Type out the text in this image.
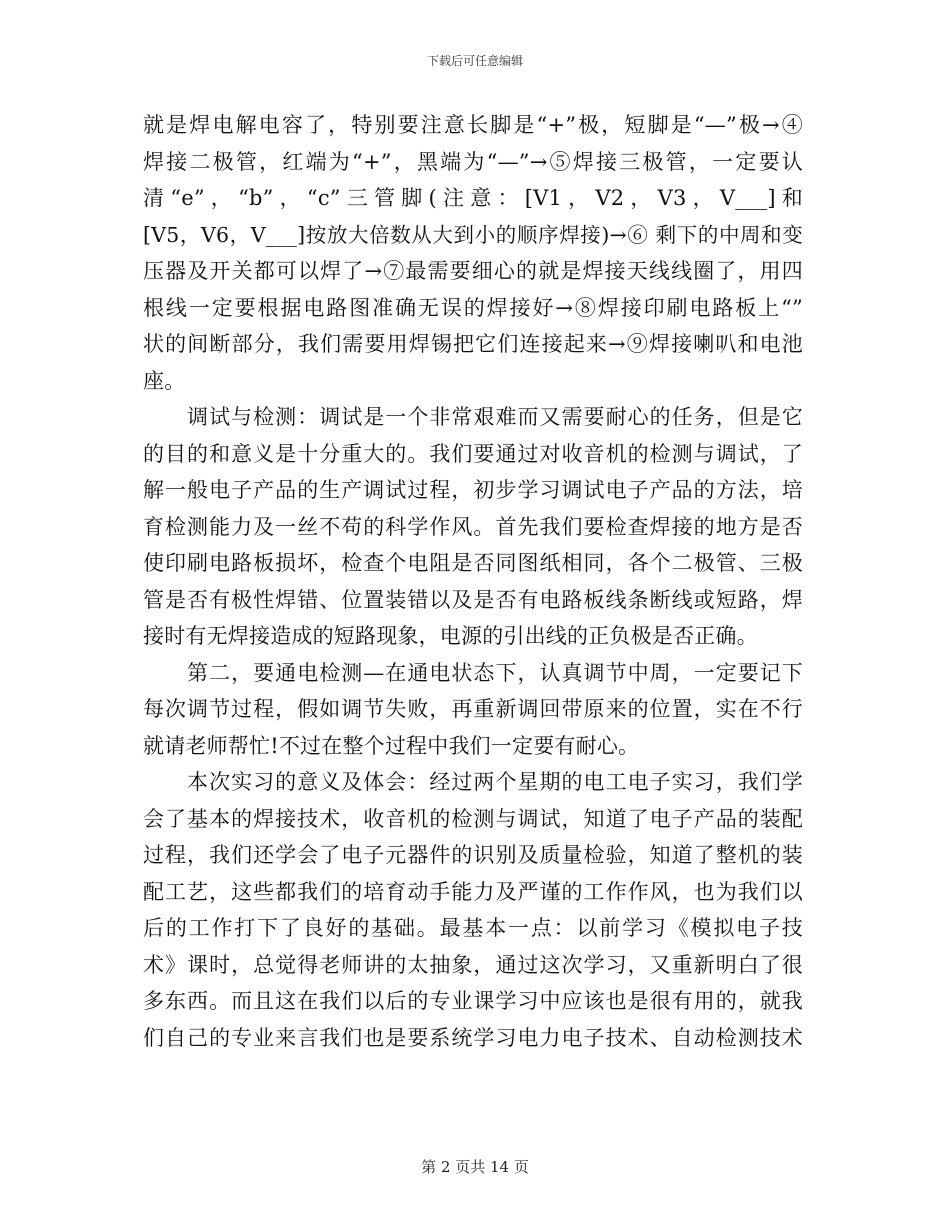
下载后可任意编辑
就是焊电解电容了，特别要注意长脚是“+”极，短脚是“—”极→④
焊接二极管，红端为“+”，黑端为“—”→⑤焊接三极管，一定要认
清“e”，“b”，“c”三管脚(注意：[V1，V2，V3，V___]和
[V5，V6，V___]按放大倍数从大到小的顺序焊接)→⑥ 剩下的中周和变
压器及开关都可以焊了→⑦最需要细心的就是焊接天线线圈了，用四
根线一定要根据电路图准确无误的焊接好→⑧焊接印刷电路板上“”
状的间断部分，我们需要用焊锡把它们连接起来→⑨焊接喇叭和电池
座。
　　调试与检测：调试是一个非常艰难而又需要耐心的任务，但是它
的目的和意义是十分重大的。我们要通过对收音机的检测与调试，了
解一般电子产品的生产调试过程，初步学习调试电子产品的方法，培
育检测能力及一丝不苟的科学作风。首先我们要检查焊接的地方是否
使印刷电路板损坏，检查个电阻是否同图纸相同，各个二极管、三极
管是否有极性焊错、位置装错以及是否有电路板线条断线或短路，焊
接时有无焊接造成的短路现象，电源的引出线的正负极是否正确。
　　第二，要通电检测—在通电状态下，认真调节中周，一定要记下
每次调节过程，假如调节失败，再重新调回带原来的位置，实在不行
就请老师帮忙!不过在整个过程中我们一定要有耐心。
　　本次实习的意义及体会：经过两个星期的电工电子实习，我们学
会了基本的焊接技术，收音机的检测与调试，知道了电子产品的装配
过程，我们还学会了电子元器件的识别及质量检验，知道了整机的装
配工艺，这些都我们的培育动手能力及严谨的工作作风，也为我们以
后的工作打下了良好的基础。最基本一点：以前学习《模拟电子技
术》课时，总觉得老师讲的太抽象，通过这次学习，又重新明白了很
多东西。而且这在我们以后的专业课学习中应该也是很有用的，就我
们自己的专业来言我们也是要系统学习电力电子技术、自动检测技术
第 2 页共 14 页
